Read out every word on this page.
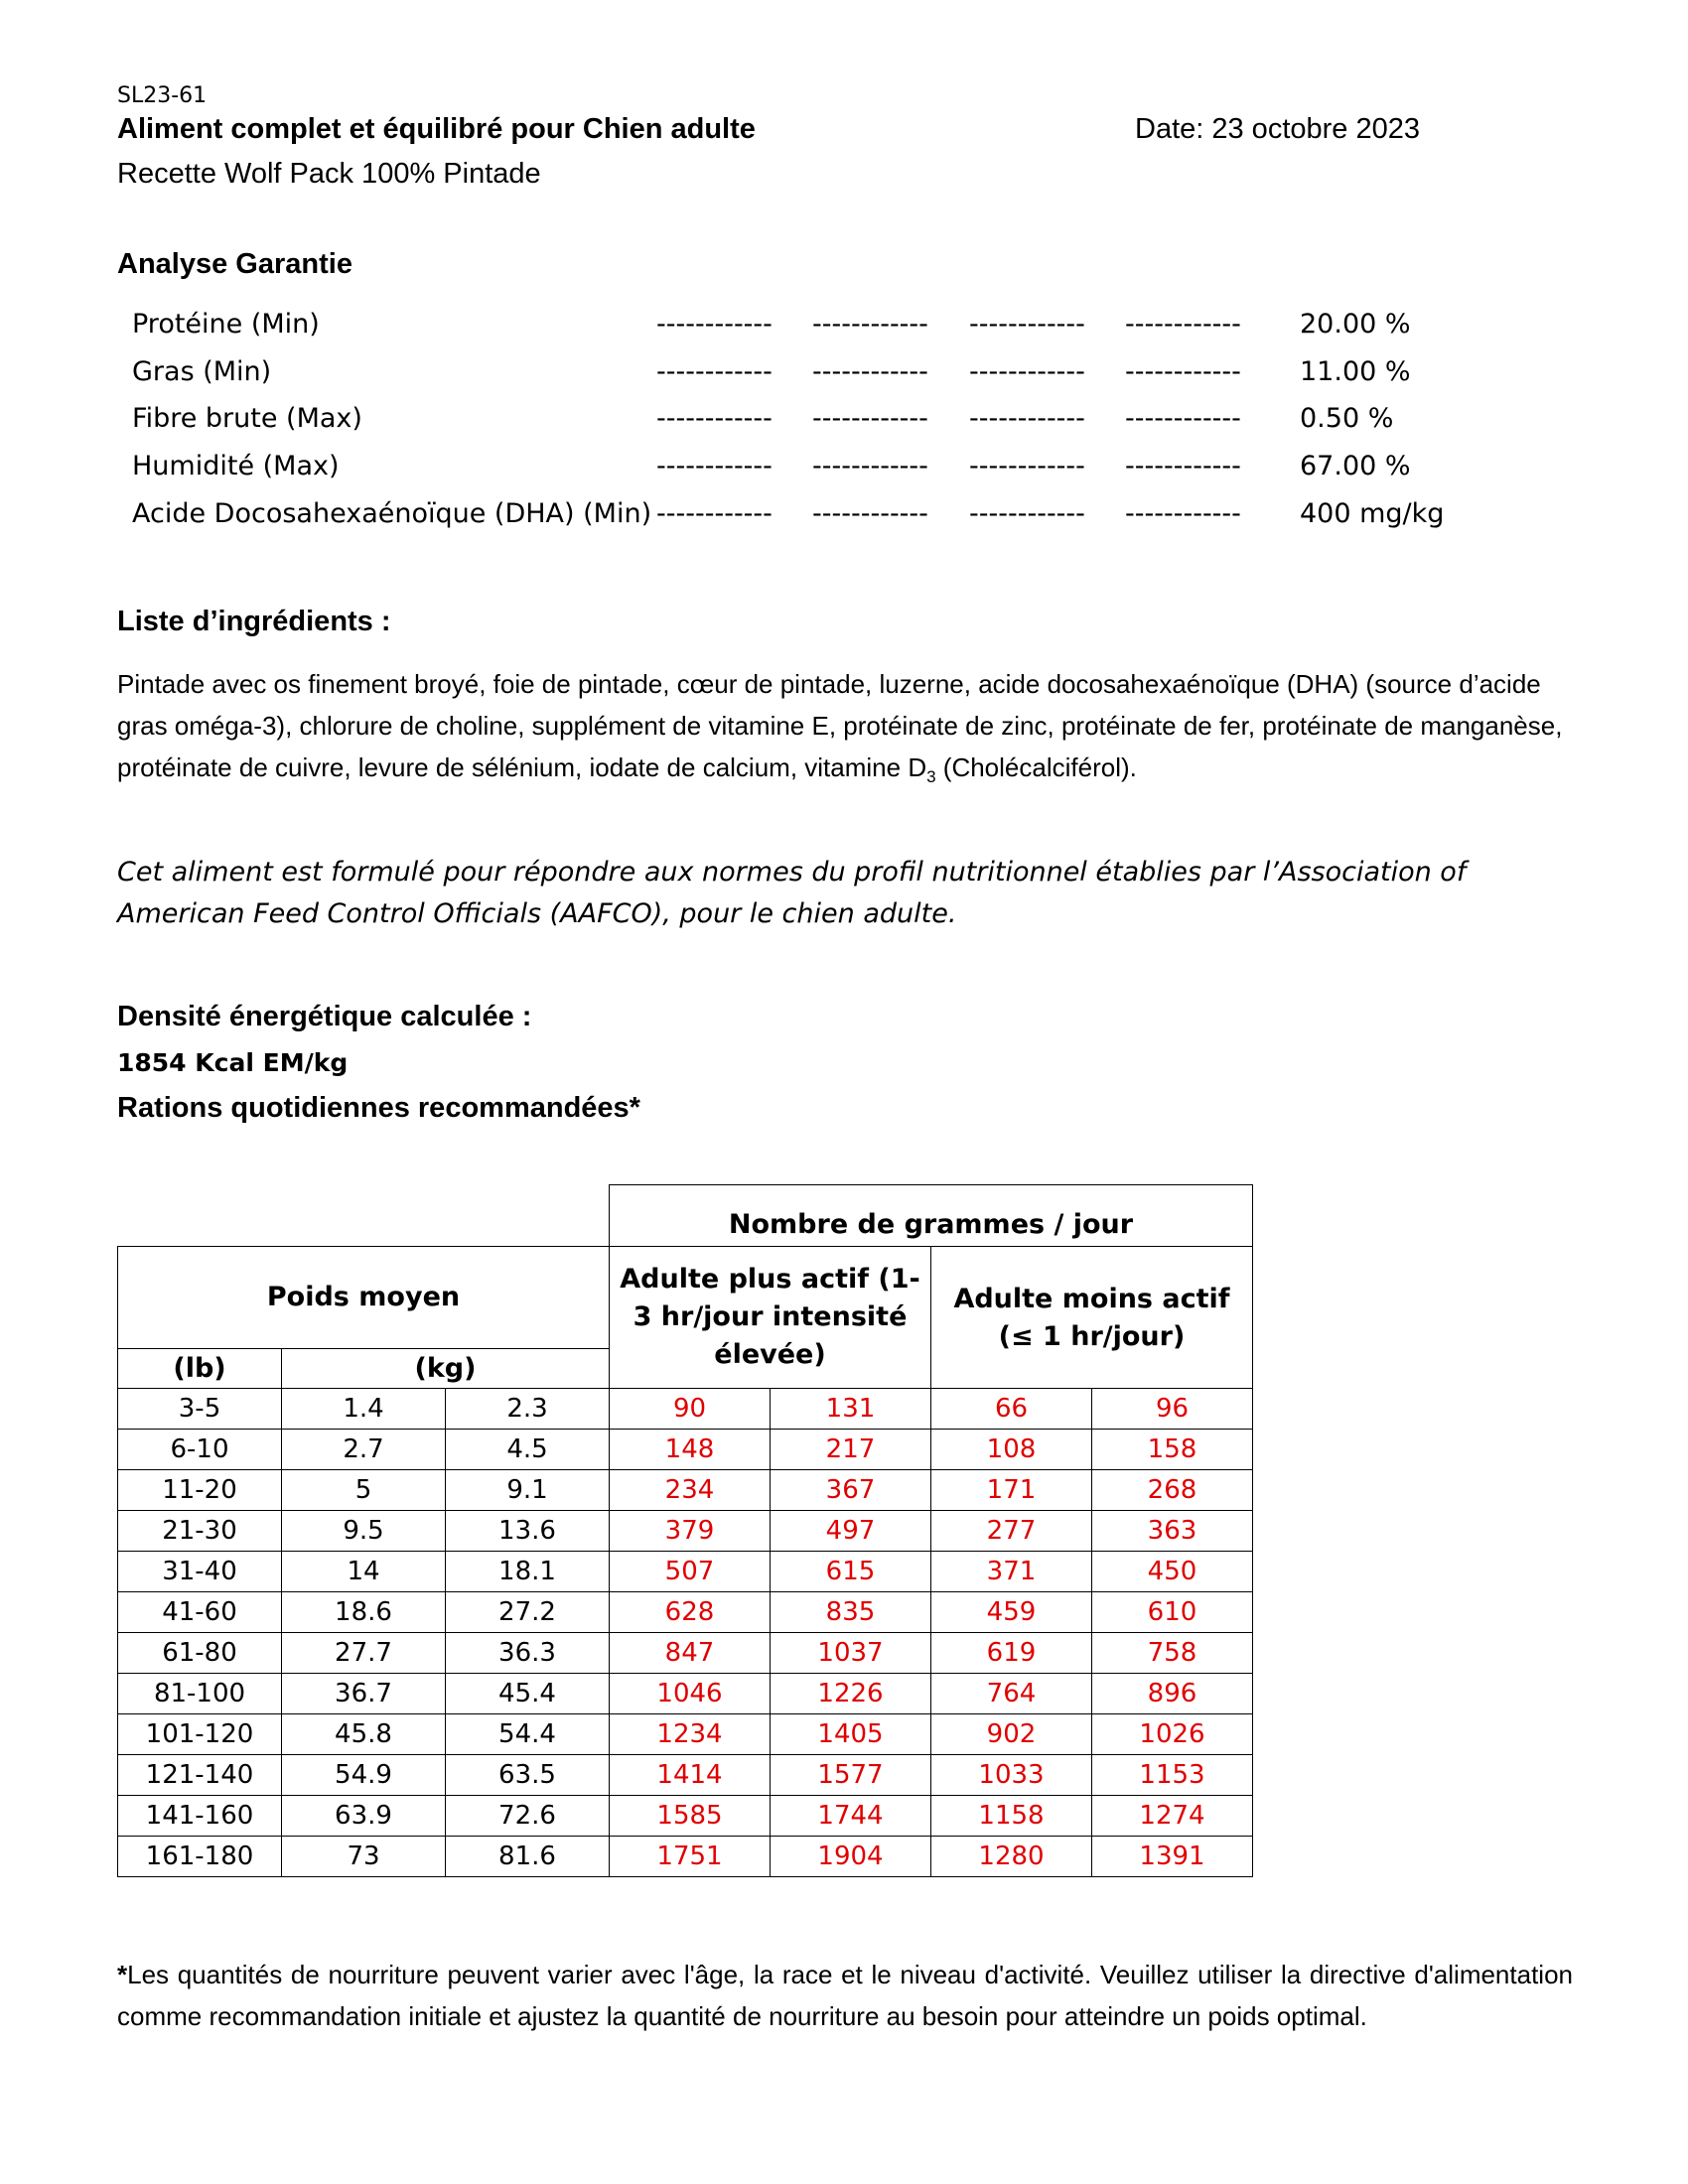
SL23-61
Aliment complet et équilibré pour Chien adulte	Date: 23 octobre 2023
Recette Wolf Pack 100% Pintade
Analyse Garantie
Protéine (Min)	------------ ------------ ------------ ------------ 20.00 %
Gras (Min)	------------ ------------ ------------ ------------ 11.00 %
Fibre brute (Max)	------------ ------------ ------------ ------------ 0.50 %
Humidité (Max)	------------ ------------ ------------ ------------ 67.00 %
Acide Docosahexaénoïque (DHA) (Min) ------------ ------------ ------------ ------------ 400 mg/kg
Liste d’ingrédients :
Pintade avec os finement broyé, foie de pintade, cœur de pintade, luzerne, acide docosahexaénoïque (DHA) (source d’acide gras oméga-3), chlorure de choline, supplément de vitamine E, protéinate de zinc, protéinate de fer, protéinate de manganèse, protéinate de cuivre, levure de sélénium, iodate de calcium, vitamine $D_3$ (Cholécalciférol).
Cet aliment est formulé pour répondre aux normes du profil nutritionnel établies par l’Association of American Feed Control Officials (AAFCO), pour le chien adulte.
Densité énergétique calculée :
1854 Kcal EM/kg
Rations quotidiennes recommandées*
			Nombre de grammes / jour			
Poids moyen			Adulte plus actif (1-3 hr/jour intensité élevée)		Adulte moins actif (≤ 1 hr/jour)	
(lb)	(kg)					
3-5	1.4	2.3	90	131	66	96
6-10	2.7	4.5	148	217	108	158
11-20	5	9.1	234	367	171	268
21-30	9.5	13.6	379	497	277	363
31-40	14	18.1	507	615	371	450
41-60	18.6	27.2	628	835	459	610
61-80	27.7	36.3	847	1037	619	758
81-100	36.7	45.4	1046	1226	764	896
101-120	45.8	54.4	1234	1405	902	1026
121-140	54.9	63.5	1414	1577	1033	1153
141-160	63.9	72.6	1585	1744	1158	1274
161-180	73	81.6	1751	1904	1280	1391
*Les quantités de nourriture peuvent varier avec l'âge, la race et le niveau d'activité. Veuillez utiliser la directive d'alimentation comme recommandation initiale et ajustez la quantité de nourriture au besoin pour atteindre un poids optimal.
